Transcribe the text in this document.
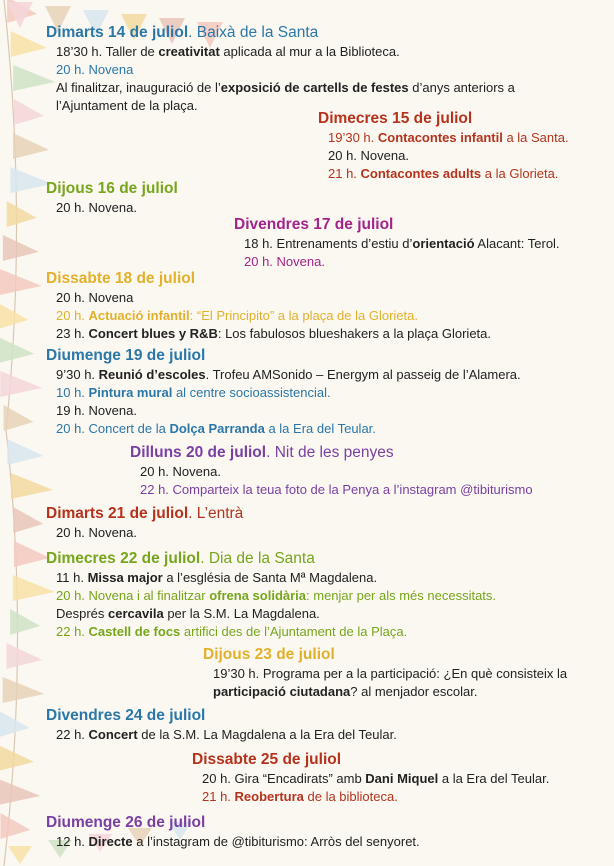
Dimarts 14 de juliol. Baixà de la Santa
18’30 h. Taller de creativitat aplicada al mur a la Biblioteca.
20 h. Novena
Al finalitzar, inauguració de l’exposició de cartells de festes d’anys anteriors a l’Ajuntament de la plaça.
Dimecres 15 de juliol
19’30 h. Contacontes infantil a la Santa.
20 h. Novena.
21 h. Contacontes adults a la Glorieta.
Dijous 16 de juliol
20 h. Novena.
Divendres 17 de juliol
18 h. Entrenaments d’estiu d’orientació Alacant: Terol.
20 h. Novena.
Dissabte 18 de juliol
20 h. Novena
20 h. Actuació infantil: “El Principito” a la plaça de la Glorieta.
23 h. Concert blues y R&B: Los fabulosos blueshakers a la plaça Glorieta.
Diumenge 19 de juliol
9’30 h. Reunió d’escoles. Trofeu AMSonido – Energym al passeig de l’Alamera.
10 h. Pintura mural al centre socioassistencial.
19 h. Novena.
20 h. Concert de la Dolça Parranda a la Era del Teular.
Dilluns 20 de juliol. Nit de les penyes
20 h. Novena.
22 h. Comparteix la teua foto de la Penya a l’instagram @tibiturismo
Dimarts 21 de juliol. L’entrà
20 h. Novena.
Dimecres 22 de juliol. Dia de la Santa
11 h. Missa major a l’església de Santa Mª Magdalena.
20 h. Novena i al finalitzar ofrena solidària: menjar per als més necessitats.
Després cercavila per la S.M. La Magdalena.
22 h. Castell de focs artifici des de l’Ajuntament de la Plaça.
Dijous 23 de juliol
19’30 h. Programa per a la participació: ¿En què consisteix la participació ciutadana? al menjador escolar.
Divendres 24 de juliol
22 h. Concert de la S.M. La Magdalena a la Era del Teular.
Dissabte 25 de juliol
20 h. Gira “Encadirats” amb Dani Miquel a la Era del Teular.
21 h. Reobertura de la biblioteca.
Diumenge 26 de juliol
12 h. Directe a l’instagram de @tibiturismo: Arròs del senyoret.
